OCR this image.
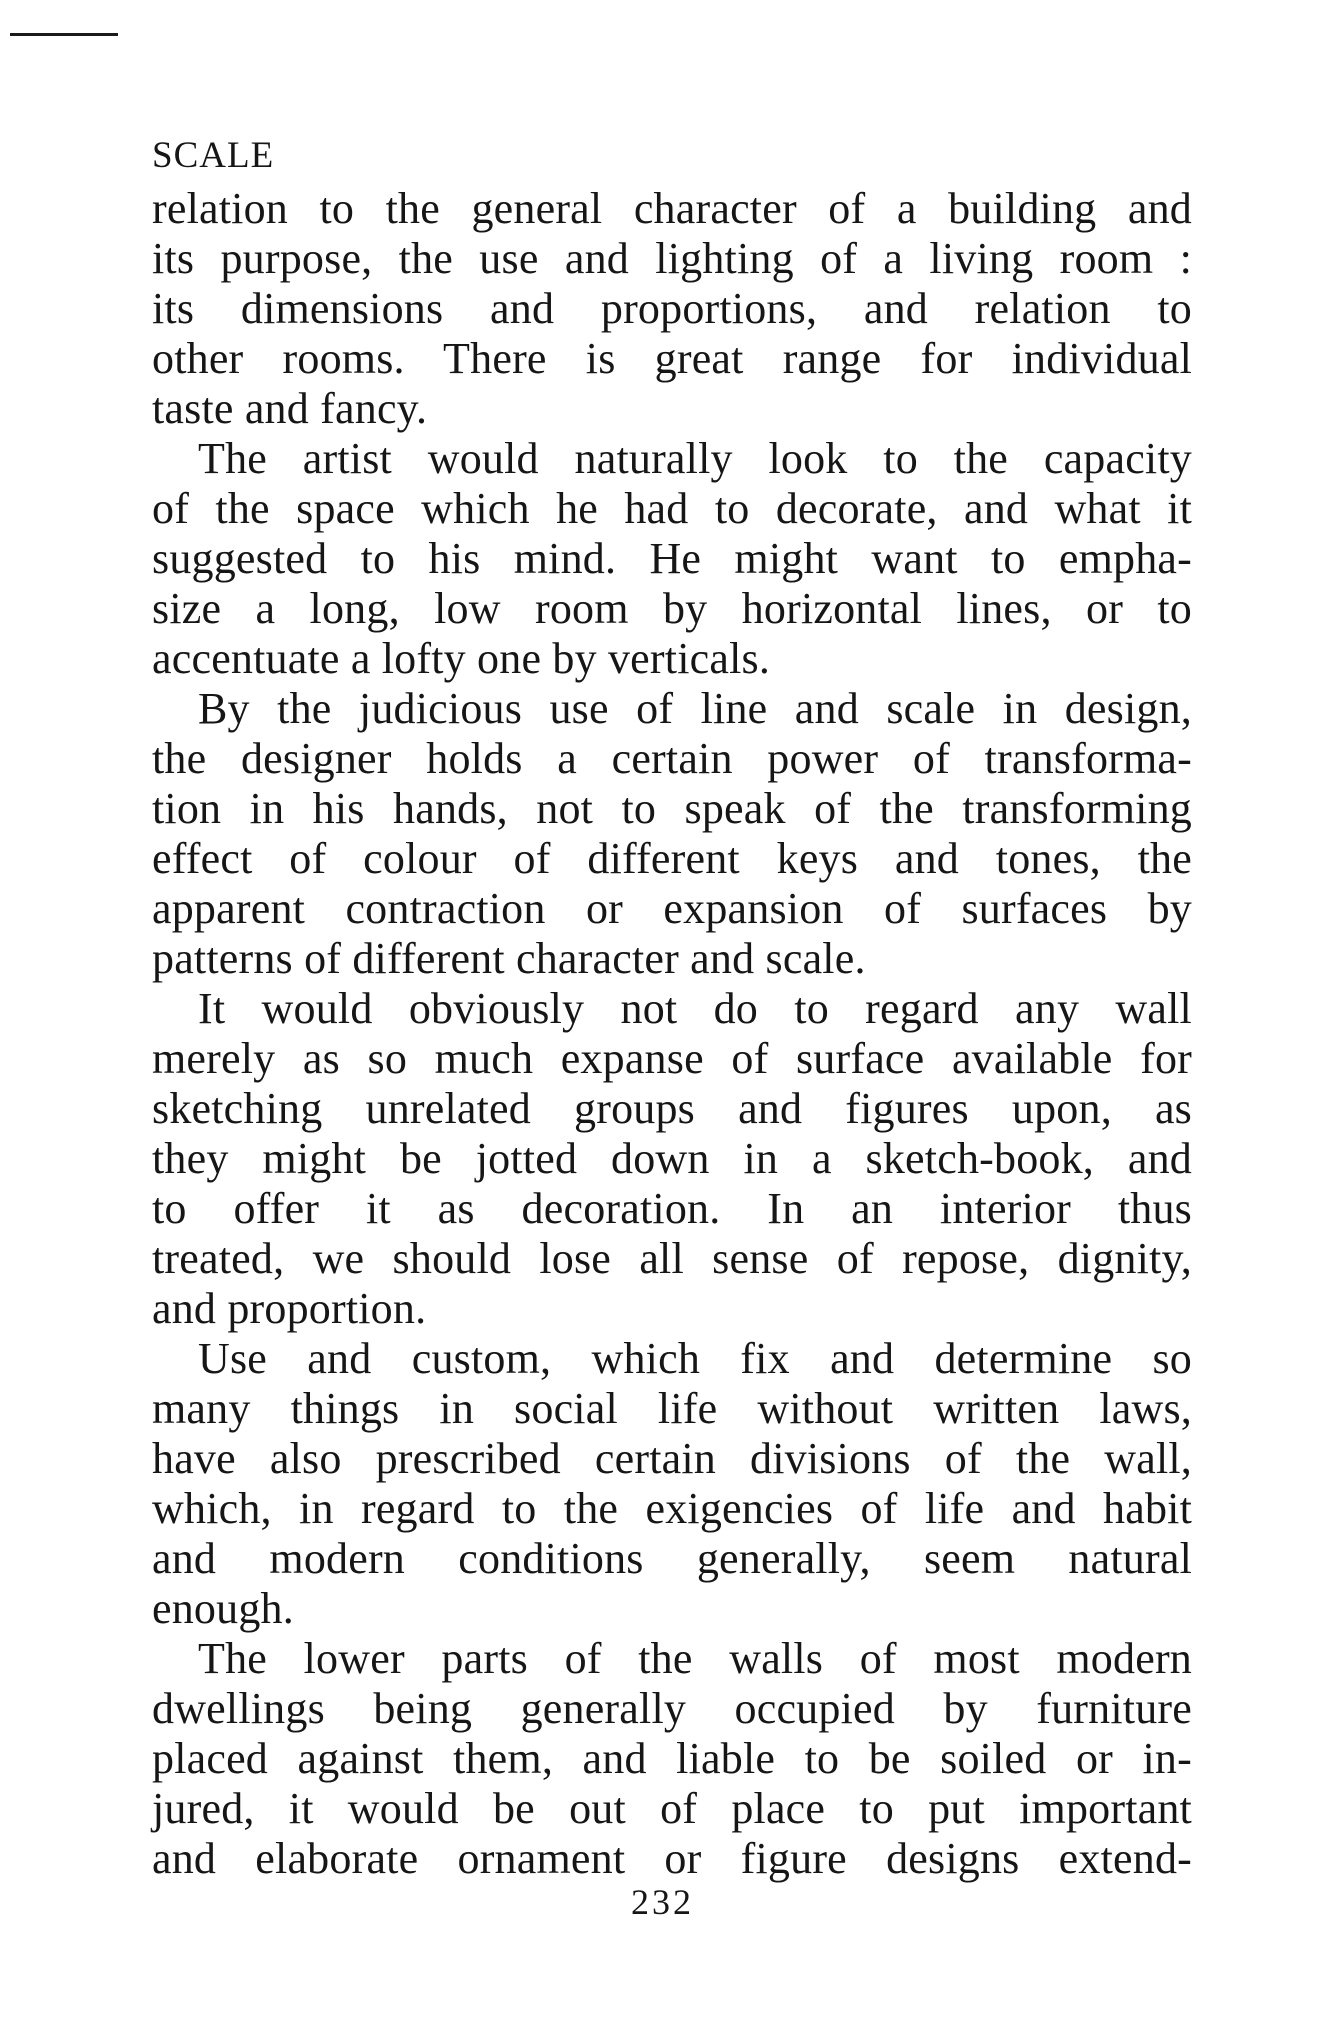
SCALE
relation to the general character of a building and
its purpose, the use and lighting of a living room :
its dimensions and proportions, and relation to
other rooms. There is great range for individual
taste and fancy.
The artist would naturally look to the capacity
of the space which he had to decorate, and what it
suggested to his mind. He might want to empha-
size a long, low room by horizontal lines, or to
accentuate a lofty one by verticals.
By the judicious use of line and scale in design,
the designer holds a certain power of transforma-
tion in his hands, not to speak of the transforming
effect of colour of different keys and tones, the
apparent contraction or expansion of surfaces by
patterns of different character and scale.
It would obviously not do to regard any wall
merely as so much expanse of surface available for
sketching unrelated groups and figures upon, as
they might be jotted down in a sketch-book, and
to offer it as decoration. In an interior thus
treated, we should lose all sense of repose, dignity,
and proportion.
Use and custom, which fix and determine so
many things in social life without written laws,
have also prescribed certain divisions of the wall,
which, in regard to the exigencies of life and habit
and modern conditions generally, seem natural
enough.
The lower parts of the walls of most modern
dwellings being generally occupied by furniture
placed against them, and liable to be soiled or in-
jured, it would be out of place to put important
and elaborate ornament or figure designs extend-
232
